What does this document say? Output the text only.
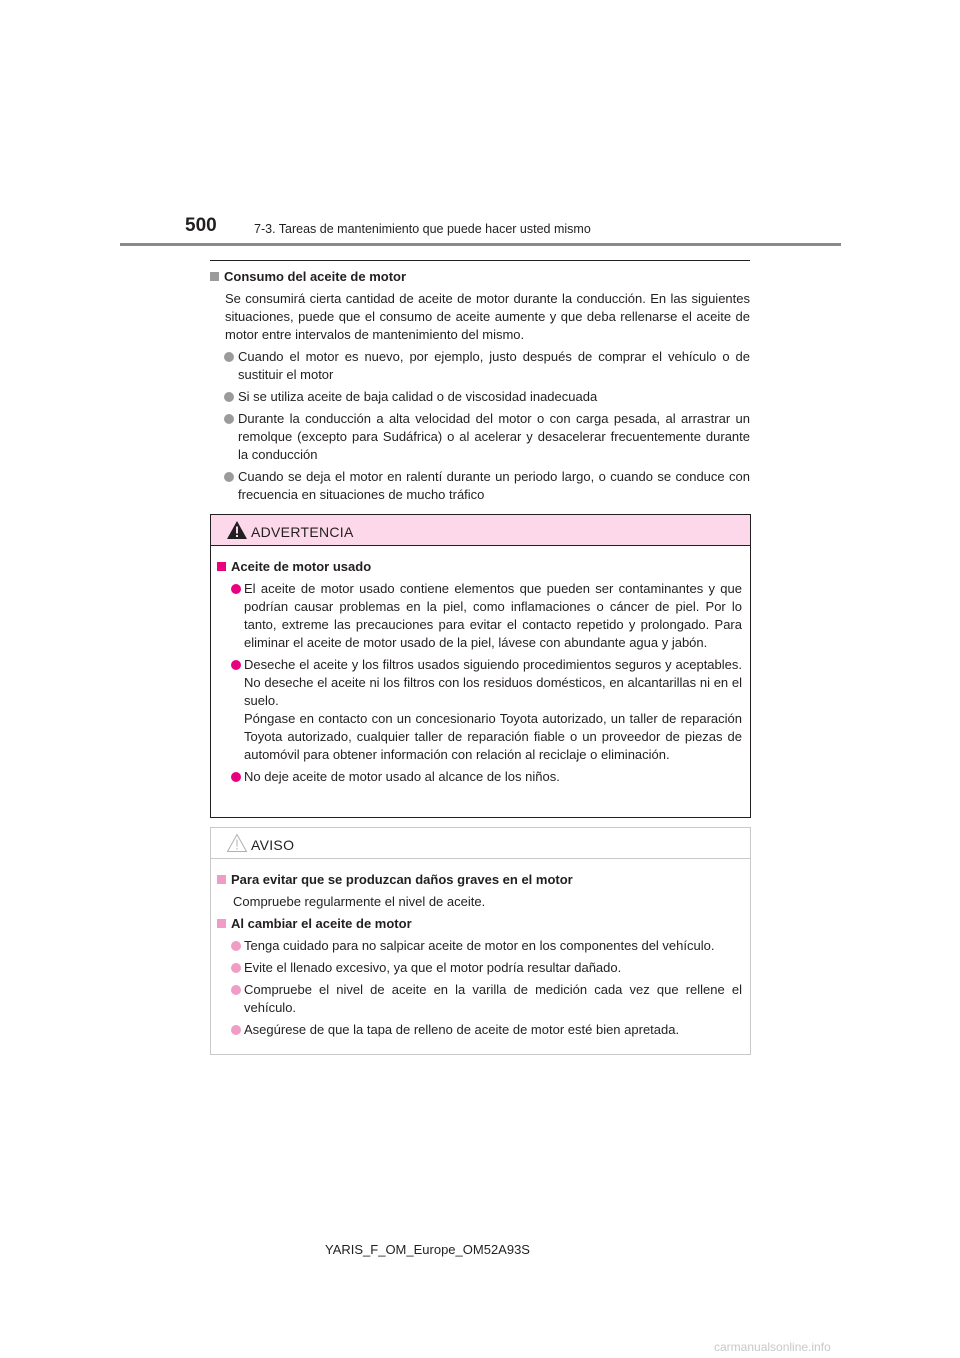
500	7-3. Tareas de mantenimiento que puede hacer usted mismo
Consumo del aceite de motor
Se consumirá cierta cantidad de aceite de motor durante la conducción. En las siguientes situaciones, puede que el consumo de aceite aumente y que deba rellenarse el aceite de motor entre intervalos de mantenimiento del mismo.
Cuando el motor es nuevo, por ejemplo, justo después de comprar el vehículo o de sustituir el motor
Si se utiliza aceite de baja calidad o de viscosidad inadecuada
Durante la conducción a alta velocidad del motor o con carga pesada, al arrastrar un remolque (excepto para Sudáfrica) o al acelerar y desacelerar frecuentemente durante la conducción
Cuando se deja el motor en ralentí durante un periodo largo, o cuando se conduce con frecuencia en situaciones de mucho tráfico
ADVERTENCIA
Aceite de motor usado
El aceite de motor usado contiene elementos que pueden ser contaminantes y que podrían causar problemas en la piel, como inflamaciones o cáncer de piel. Por lo tanto, extreme las precauciones para evitar el contacto repetido y prolongado. Para eliminar el aceite de motor usado de la piel, lávese con abundante agua y jabón.
Deseche el aceite y los filtros usados siguiendo procedimientos seguros y aceptables. No deseche el aceite ni los filtros con los residuos domésticos, en alcantarillas ni en el suelo.
Póngase en contacto con un concesionario Toyota autorizado, un taller de reparación Toyota autorizado, cualquier taller de reparación fiable o un proveedor de piezas de automóvil para obtener información con relación al reciclaje o eliminación.
No deje aceite de motor usado al alcance de los niños.
AVISO
Para evitar que se produzcan daños graves en el motor
Compruebe regularmente el nivel de aceite.
Al cambiar el aceite de motor
Tenga cuidado para no salpicar aceite de motor en los componentes del vehículo.
Evite el llenado excesivo, ya que el motor podría resultar dañado.
Compruebe el nivel de aceite en la varilla de medición cada vez que rellene el vehículo.
Asegúrese de que la tapa de relleno de aceite de motor esté bien apretada.
YARIS_F_OM_Europe_OM52A93S
carmanualsonline.info
